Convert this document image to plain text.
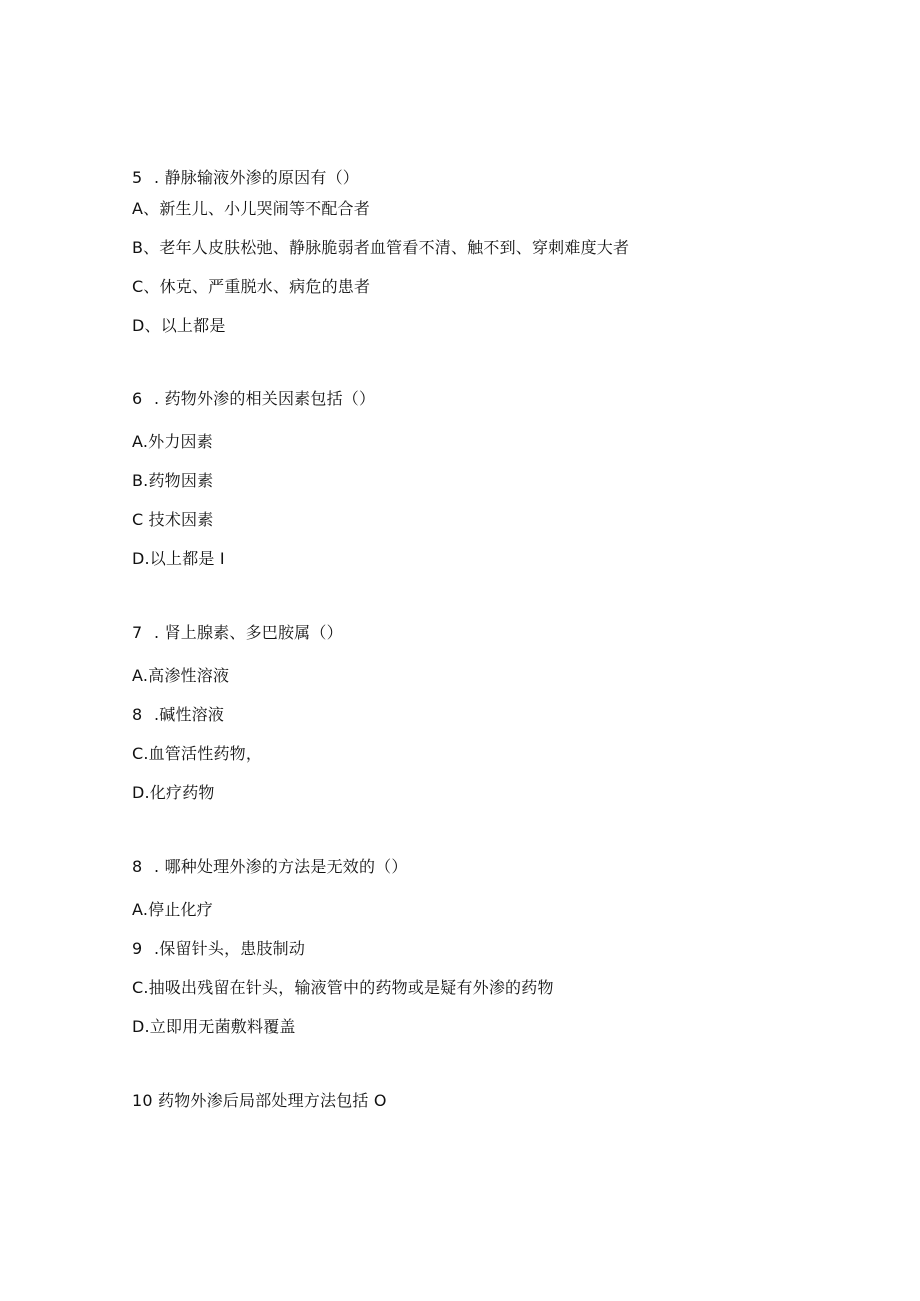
5 . 静脉输液外渗的原因有（）
A、新生儿、小儿哭闹等不配合者
B、老年人皮肤松弛、静脉脆弱者血管看不清、触不到、穿刺难度大者
C、休克、严重脱水、病危的患者
D、以上都是
6 . 药物外渗的相关因素包括（）
A.外力因素
B.药物因素
C 技术因素
D.以上都是 I
7 . 肾上腺素、多巴胺属（）
A.高渗性溶液
8 .碱性溶液
C.血管活性药物，
D.化疗药物
8 . 哪种处理外渗的方法是无效的（）
A.停止化疗
9 .保留针头，患肢制动
C.抽吸出残留在针头，输液管中的药物或是疑有外渗的药物
D.立即用无菌敷料覆盖
10 药物外渗后局部处理方法包括 O
